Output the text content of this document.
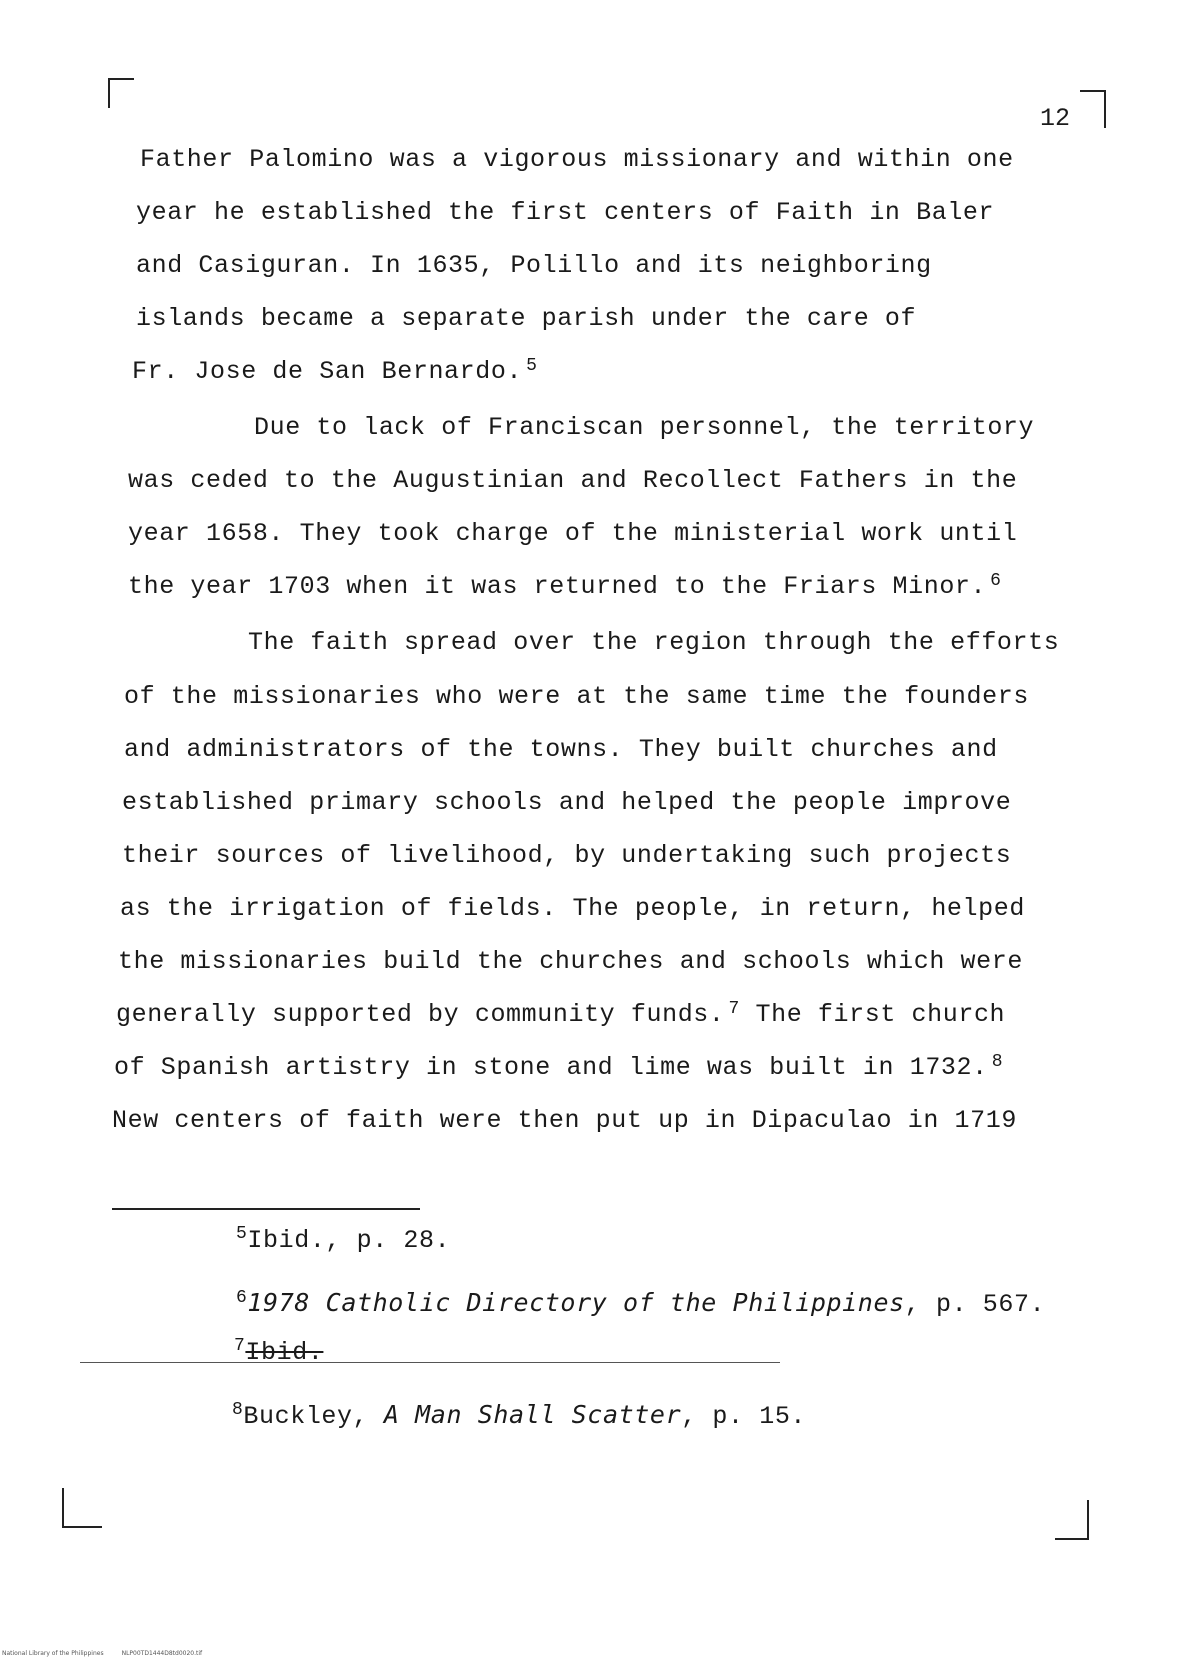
12
Father Palomino was a vigorous missionary and within one
year he established the first centers of Faith in Baler
and Casiguran. In 1635, Polillo and its neighboring
islands became a separate parish under the care of
Fr. Jose de San Bernardo. $^5$
Due to lack of Franciscan personnel, the territory
was ceded to the Augustinian and Recollect Fathers in the
year 1658. They took charge of the ministerial work until
the year 1703 when it was returned to the Friars Minor. $^6$
The faith spread over the region through the efforts
of the missionaries who were at the same time the founders
and administrators of the towns. They built churches and
established primary schools and helped the people improve
their sources of livelihood, by undertaking such projects
as the irrigation of fields. The people, in return, helped
the missionaries build the churches and schools which were
generally supported by community funds. $^7$ The first church
of Spanish artistry in stone and lime was built in 1732. $^8$
New centers of faith were then put up in Dipaculao in 1719
$^5$Ibid., p. 28.
$^6$1978 Catholic Directory of the Philippines, p. 567.
$^7$Ibid.
$^8$Buckley, A Man Shall Scatter, p. 15.
National Library of the Philippines	NLP00TD1444D8td0020.tif
